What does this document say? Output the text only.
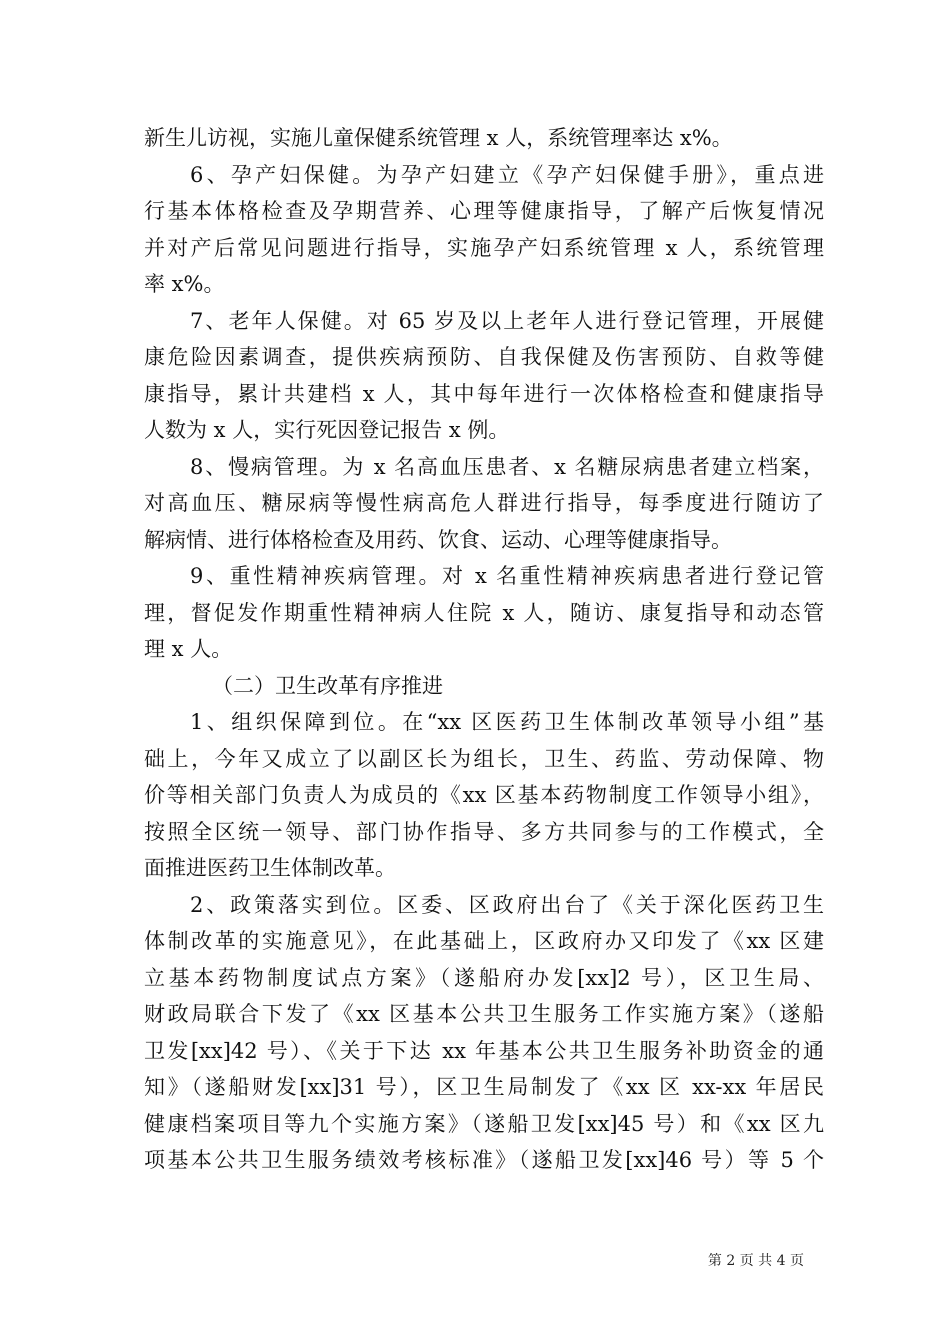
新生儿访视，实施儿童保健系统管理 x 人，系统管理率达 x%。
6、孕产妇保健。为孕产妇建立《孕产妇保健手册》，重点进
行基本体格检查及孕期营养、心理等健康指导，了解产后恢复情况
并对产后常见问题进行指导，实施孕产妇系统管理 x 人，系统管理
率 x%。
7、老年人保健。对 65 岁及以上老年人进行登记管理，开展健
康危险因素调查，提供疾病预防、自我保健及伤害预防、自救等健
康指导，累计共建档 x 人，其中每年进行一次体格检查和健康指导
人数为 x 人，实行死因登记报告 x 例。
8、慢病管理。为 x 名高血压患者、x 名糖尿病患者建立档案，
对高血压、糖尿病等慢性病高危人群进行指导，每季度进行随访了
解病情、进行体格检查及用药、饮食、运动、心理等健康指导。
9、重性精神疾病管理。对 x 名重性精神疾病患者进行登记管
理，督促发作期重性精神病人住院 x 人，随访、康复指导和动态管
理 x 人。
（二）卫生改革有序推进
1、组织保障到位。在“xx 区医药卫生体制改革领导小组”基
础上，今年又成立了以副区长为组长，卫生、药监、劳动保障、物
价等相关部门负责人为成员的《xx 区基本药物制度工作领导小组》，
按照全区统一领导、部门协作指导、多方共同参与的工作模式，全
面推进医药卫生体制改革。
2、政策落实到位。区委、区政府出台了《关于深化医药卫生
体制改革的实施意见》，在此基础上，区政府办又印发了《xx 区建
立基本药物制度试点方案》（遂船府办发[xx]2 号），区卫生局、
财政局联合下发了《xx 区基本公共卫生服务工作实施方案》（遂船
卫发[xx]42 号）、《关于下达 xx 年基本公共卫生服务补助资金的通
知》（遂船财发[xx]31 号），区卫生局制发了《xx 区 xx-xx 年居民
健康档案项目等九个实施方案》（遂船卫发[xx]45 号）和《xx 区九
项基本公共卫生服务绩效考核标准》（遂船卫发[xx]46 号）等 5 个
第 2 页 共 4 页
